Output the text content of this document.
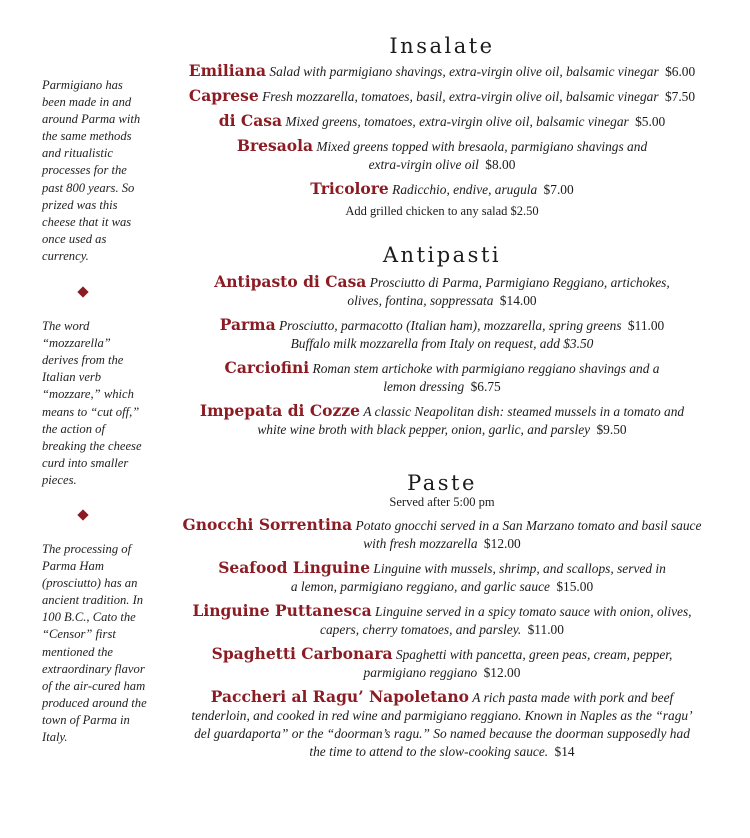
Parmigiano has been made in and around Parma with the same methods and ritualistic processes for the past 800 years. So prized was this cheese that it was once used as currency.

The word “mozzarella” derives from the Italian verb “mozzare,” which means to “cut off,” the action of breaking the cheese curd into smaller pieces.

The processing of Parma Ham (prosciutto) has an ancient tradition. In 100 B.C., Cato the “Censor” first mentioned the extraordinary flavor of the air-cured ham produced around the town of Parma in Italy.

Insalate

Emiliana Salad with parmigiano shavings, extra-virgin olive oil, balsamic vinegar $6.00

Caprese Fresh mozzarella, tomatoes, basil, extra-virgin olive oil, balsamic vinegar $7.50

di Casa Mixed greens, tomatoes, extra-virgin olive oil, balsamic vinegar $5.00

Bresaola Mixed greens topped with bresaola, parmigiano shavings and extra-virgin olive oil $8.00

Tricolore Radicchio, endive, arugula $7.00

Add grilled chicken to any salad $2.50

Antipasti

Antipasto di Casa Prosciutto di Parma, Parmigiano Reggiano, artichokes, olives, fontina, soppressata $14.00

Parma Prosciutto, parmacotto (Italian ham), mozzarella, spring greens $11.00
Buffalo milk mozzarella from Italy on request, add $3.50

Carciofini Roman stem artichoke with parmigiano reggiano shavings and a lemon dressing $6.75

Impepata di Cozze A classic Neapolitan dish: steamed mussels in a tomato and white wine broth with black pepper, onion, garlic, and parsley $9.50

Paste

Served after 5:00 pm

Gnocchi Sorrentina Potato gnocchi served in a San Marzano tomato and basil sauce with fresh mozzarella $12.00

Seafood Linguine Linguine with mussels, shrimp, and scallops, served in a lemon, parmigiano reggiano, and garlic sauce $15.00

Linguine Puttanesca Linguine served in a spicy tomato sauce with onion, olives, capers, cherry tomatoes, and parsley. $11.00

Spaghetti Carbonara Spaghetti with pancetta, green peas, cream, pepper, parmigiano reggiano $12.00

Paccheri al Ragu’ Napoletano A rich pasta made with pork and beef tenderloin, and cooked in red wine and parmigiano reggiano. Known in Naples as the “ragu’ del guardaporta” or the “doorman’s ragu.” So named because the doorman supposedly had the time to attend to the slow-cooking sauce. $14
